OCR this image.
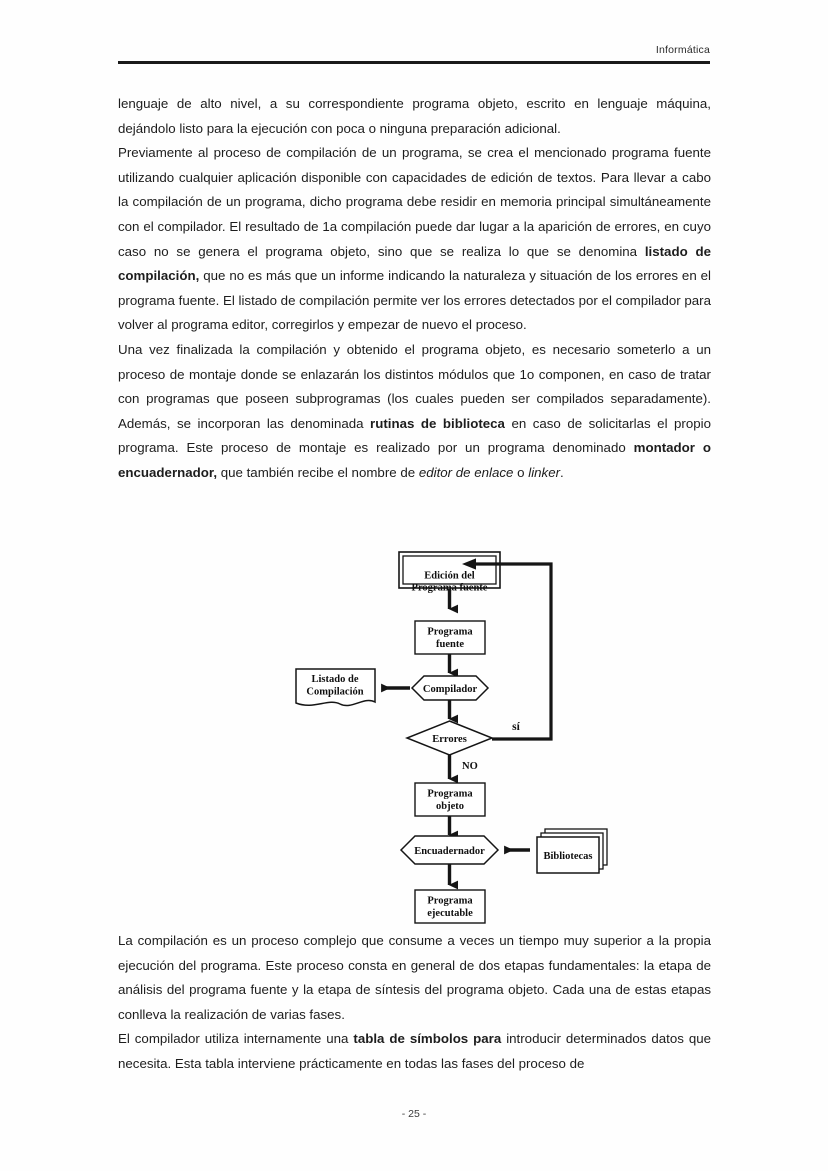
Informática

lenguaje de alto nivel, a su correspondiente programa objeto, escrito en lenguaje máquina, dejándolo listo para la ejecución con poca o ninguna preparación adicional.

Previamente al proceso de compilación de un programa, se crea el mencionado programa fuente utilizando cualquier aplicación disponible con capacidades de edición de textos. Para llevar a cabo la compilación de un programa, dicho programa debe residir en memoria principal simultáneamente con el compilador. El resultado de 1a compilación puede dar lugar a la aparición de errores, en cuyo caso no se genera el programa objeto, sino que se realiza lo que se denomina listado de compilación, que no es más que un informe indicando la naturaleza y situación de los errores en el programa fuente. El listado de compilación permite ver los errores detectados por el compilador para volver al programa editor, corregirlos y empezar de nuevo el proceso.

Una vez finalizada la compilación y obtenido el programa objeto, es necesario someterlo a un proceso de montaje donde se enlazarán los distintos módulos que 1o componen, en caso de tratar con programas que poseen subprogramas (los cuales pueden ser compilados separadamente). Además, se incorporan las denominada rutinas de biblioteca en caso de solicitarlas el propio programa. Este proceso de montaje es realizado por un programa denominado montador o encuadernador, que también recibe el nombre de editor de enlace o linker.

Edición del
Programa fuente
Programa
fuente
Compilador
Listado de
Compilación
Errores
sí
NO
Programa
objeto
Encuadernador	Bibliotecas
Programa
ejecutable

La compilación es un proceso complejo que consume a veces un tiempo muy superior a la propia ejecución del programa. Este proceso consta en general de dos etapas fundamentales: la etapa de análisis del programa fuente y la etapa de síntesis del programa objeto. Cada una de estas etapas conlleva la realización de varias fases.

El compilador utiliza internamente una tabla de símbolos para introducir determinados datos que necesita. Esta tabla interviene prácticamente en todas las fases del proceso de

- 25 -
